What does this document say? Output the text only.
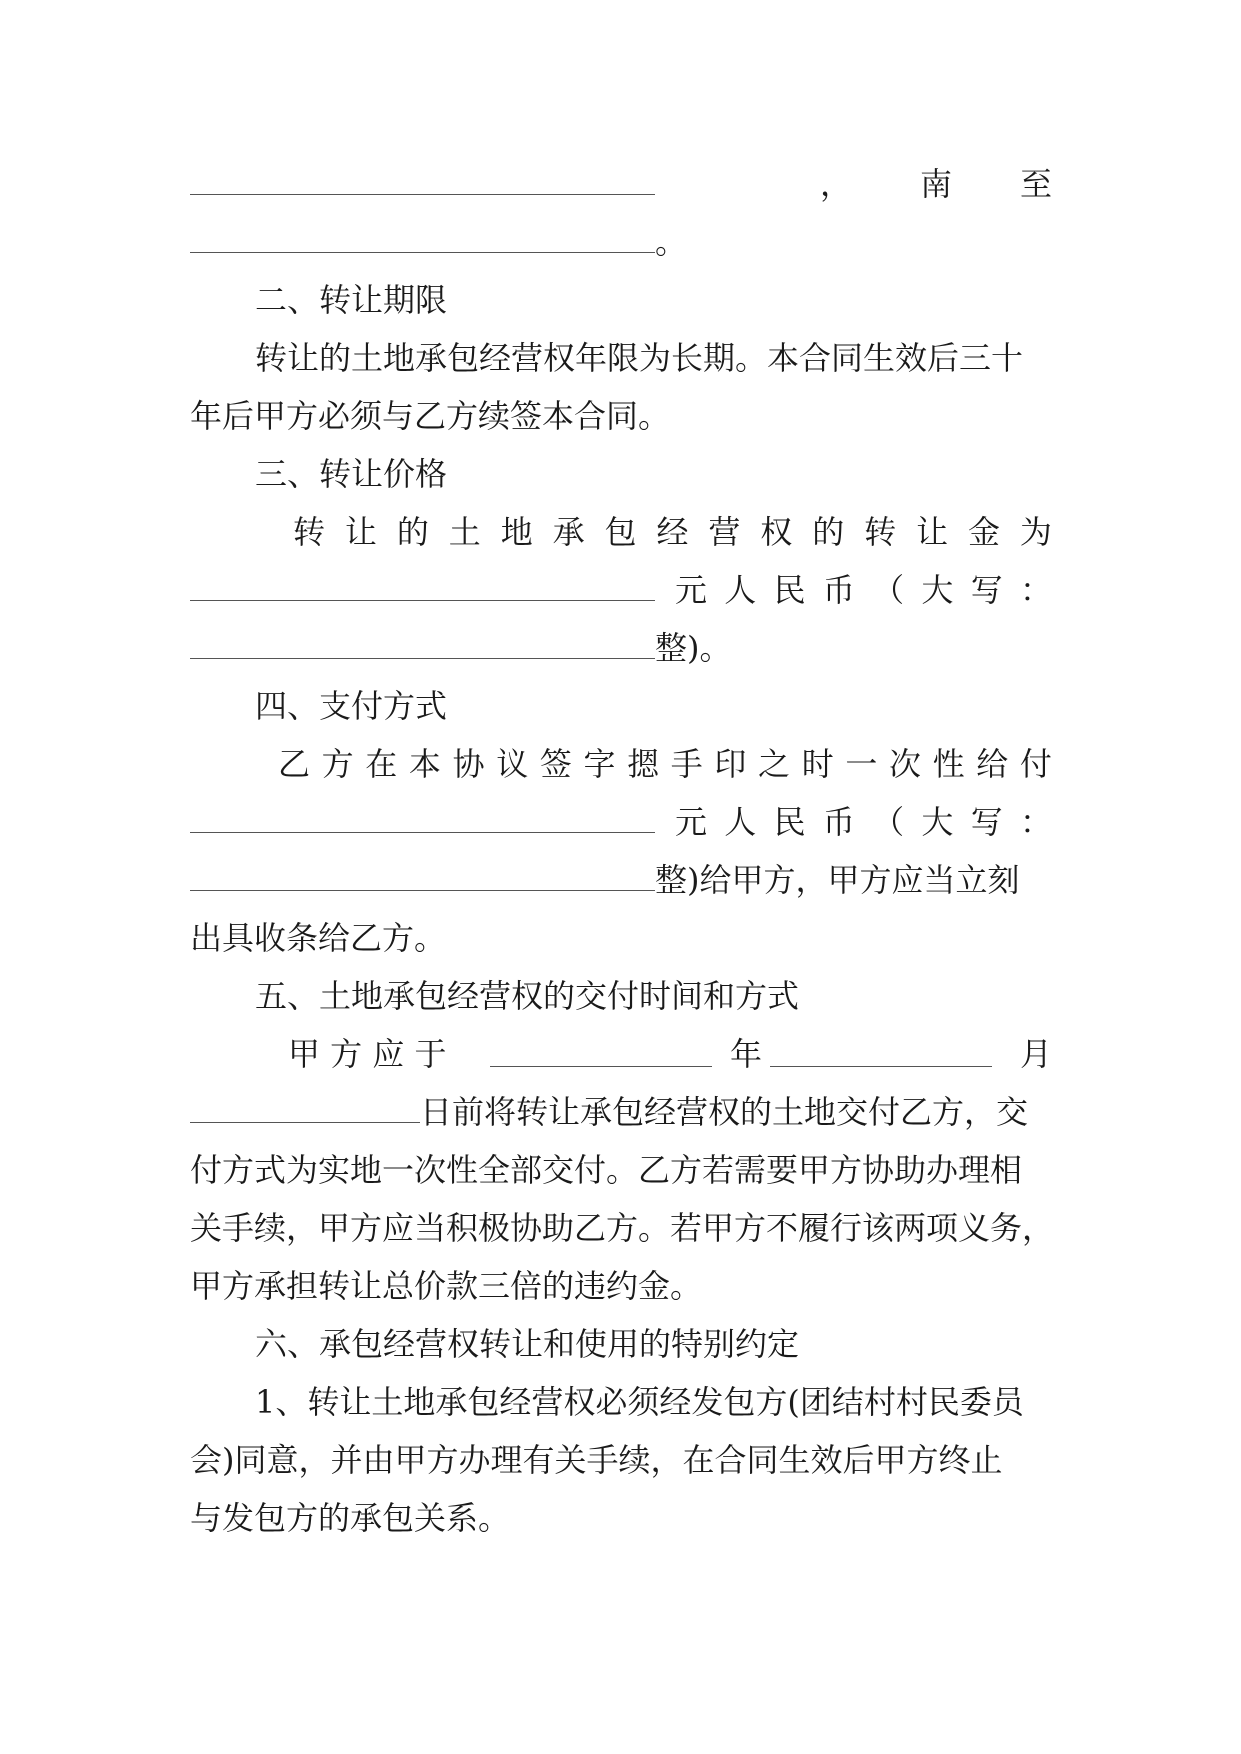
， 南 至
。
二、转让期限
转让的土地承包经营权年限为长期。本合同生效后三十
年后甲方必须与乙方续签本合同。
三、转让价格
转 让 的 土 地 承 包 经 营 权 的 转 让 金 为
元 人 民 币 （ 大 写 ：
整)。
四、支付方式
乙 方 在 本 协 议 签 字 摁 手 印 之 时 一 次 性 给 付
元 人 民 币 （ 大 写 ：
整)给甲方，甲方应当立刻
出具收条给乙方。
五、土地承包经营权的交付时间和方式
甲 方 应 于	年	月
日前将转让承包经营权的土地交付乙方，交
付方式为实地一次性全部交付。乙方若需要甲方协助办理相
关手续，甲方应当积极协助乙方。若甲方不履行该两项义务，
甲方承担转让总价款三倍的违约金。
六、承包经营权转让和使用的特别约定
1、转让土地承包经营权必须经发包方(团结村村民委员
会)同意，并由甲方办理有关手续，在合同生效后甲方终止
与发包方的承包关系。
